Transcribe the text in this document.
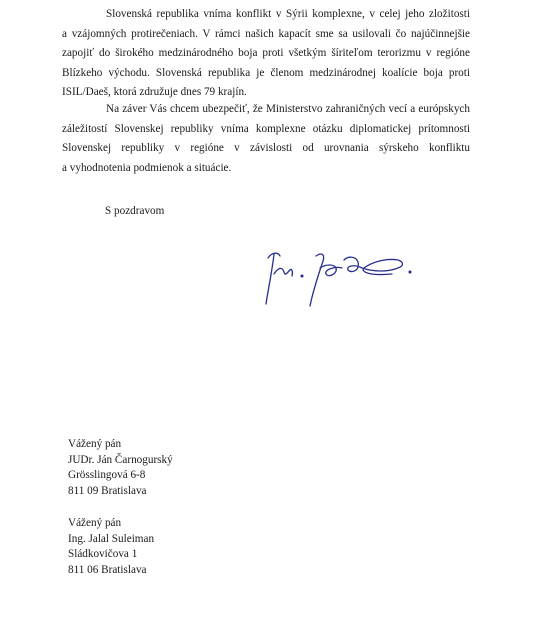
Slovenská republika vníma konflikt v Sýrii komplexne, v celej jeho zložitosti
a vzájomných protirečeniach. V rámci našich kapacít sme sa usilovali čo najúčinnejšie
zapojiť do širokého medzinárodného boja proti všetkým šíriteľom terorizmu v regióne
Blízkeho východu. Slovenská republika je členom medzinárodnej koalície boja proti
ISIL/Daeš, ktorá združuje dnes 79 krajín.
Na záver Vás chcem ubezpečiť, že Ministerstvo zahraničných vecí a európskych
záležitostí Slovenskej republiky vníma komplexne otázku diplomatickej prítomnosti
Slovenskej republiky v regióne v závislosti od urovnania sýrskeho konfliktu
a vyhodnotenia podmienok a situácie.
S pozdravom
Vážený pán
JUDr. Ján Čarnogurský
Grösslingová 6-8
811 09 Bratislava
Vážený pán
Ing. Jalal Suleiman
Sládkovičova 1
811 06 Bratislava
